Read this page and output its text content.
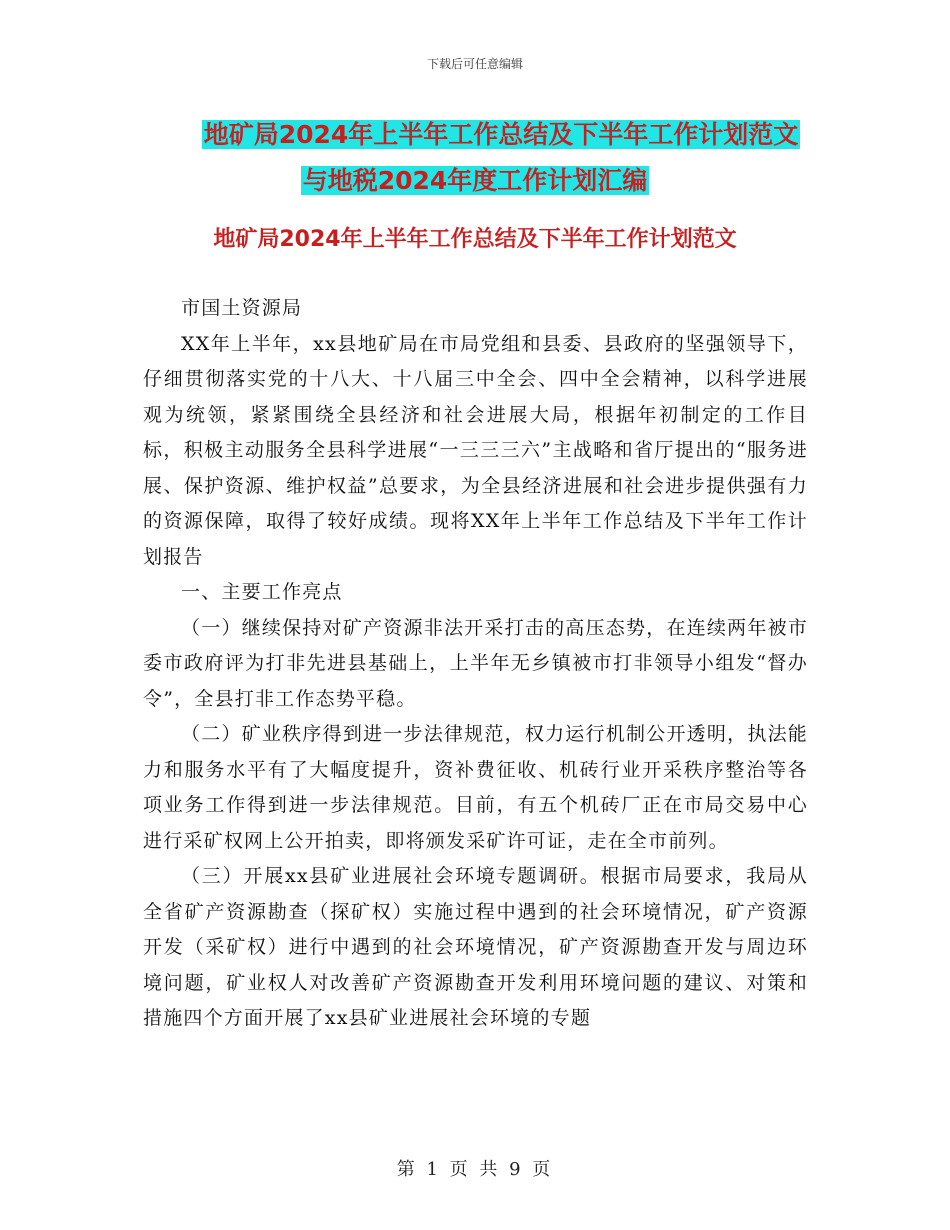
下载后可任意编辑
地矿局2024年上半年工作总结及下半年工作计划范文
与地税2024年度工作计划汇编
地矿局2024年上半年工作总结及下半年工作计划范文

市国土资源局

XX年上半年，xx县地矿局在市局党组和县委、县政府的坚强领导下，仔细贯彻落实党的十八大、十八届三中全会、四中全会精神，以科学进展观为统领，紧紧围绕全县经济和社会进展大局，根据年初制定的工作目标，积极主动服务全县科学进展“一三三三六”主战略和省厅提出的“服务进展、保护资源、维护权益”总要求，为全县经济进展和社会进步提供强有力的资源保障，取得了较好成绩。现将XX年上半年工作总结及下半年工作计划报告

一、主要工作亮点

（一）继续保持对矿产资源非法开采打击的高压态势，在连续两年被市委市政府评为打非先进县基础上，上半年无乡镇被市打非领导小组发“督办令”，全县打非工作态势平稳。

（二）矿业秩序得到进一步法律规范，权力运行机制公开透明，执法能力和服务水平有了大幅度提升，资补费征收、机砖行业开采秩序整治等各项业务工作得到进一步法律规范。目前，有五个机砖厂正在市局交易中心进行采矿权网上公开拍卖，即将颁发采矿许可证，走在全市前列。

（三）开展xx县矿业进展社会环境专题调研。根据市局要求，我局从全省矿产资源勘查（探矿权）实施过程中遇到的社会环境情况，矿产资源开发（采矿权）进行中遇到的社会环境情况，矿产资源勘查开发与周边环境问题，矿业权人对改善矿产资源勘查开发利用环境问题的建议、对策和措施四个方面开展了xx县矿业进展社会环境的专题

第 1 页 共 9 页
